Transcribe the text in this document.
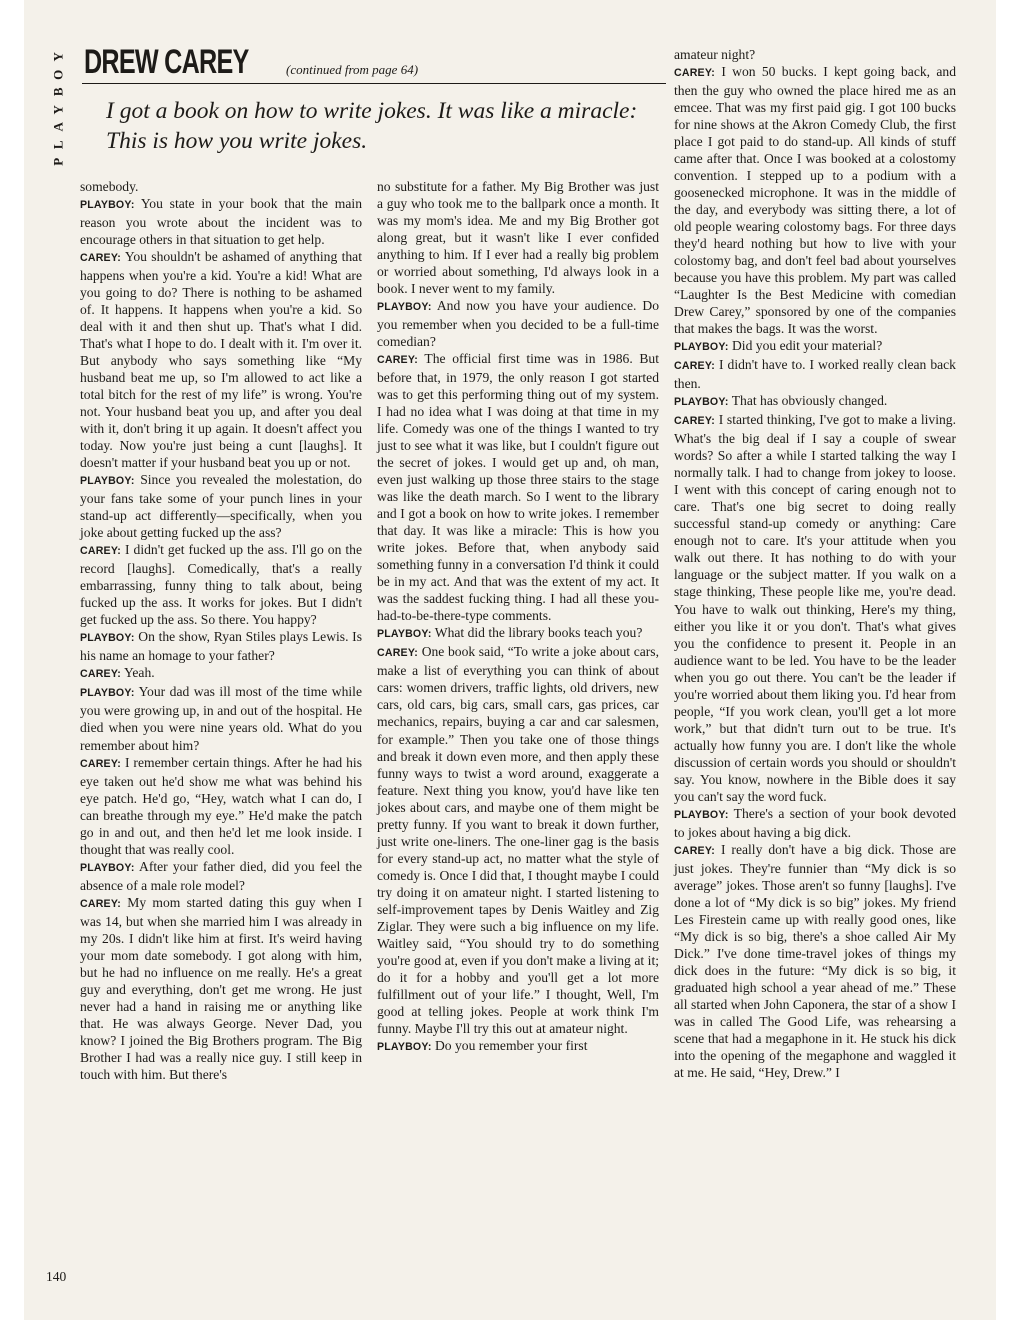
Y
O
B
Y
A
L
P
DREW CAREY	(continued from page 64)
I got a book on how to write jokes. It was like a miracle: This is how you write jokes.

somebody.

PLAYBOY: You state in your book that the main reason you wrote about the incident was to encourage others in that situation to get help.

CAREY: You shouldn't be ashamed of anything that happens when you're a kid. You're a kid! What are you going to do? There is nothing to be ashamed of. It happens. It happens when you're a kid. So deal with it and then shut up. That's what I did. That's what I hope to do. I dealt with it. I'm over it. But anybody who says something like “My husband beat me up, so I'm allowed to act like a total bitch for the rest of my life” is wrong. You're not. Your husband beat you up, and after you deal with it, don't bring it up again. It doesn't affect you today. Now you're just being a cunt [laughs]. It doesn't matter if your husband beat you up or not.

PLAYBOY: Since you revealed the molestation, do your fans take some of your punch lines in your stand-up act differently—specifically, when you joke about getting fucked up the ass?

CAREY: I didn't get fucked up the ass. I'll go on the record [laughs]. Comedically, that's a really embarrassing, funny thing to talk about, being fucked up the ass. It works for jokes. But I didn't get fucked up the ass. So there. You happy?

PLAYBOY: On the show, Ryan Stiles plays Lewis. Is his name an homage to your father?

CAREY: Yeah.

PLAYBOY: Your dad was ill most of the time while you were growing up, in and out of the hospital. He died when you were nine years old. What do you remember about him?

CAREY: I remember certain things. After he had his eye taken out he'd show me what was behind his eye patch. He'd go, “Hey, watch what I can do, I can breathe through my eye.” He'd make the patch go in and out, and then he'd let me look inside. I thought that was really cool.

PLAYBOY: After your father died, did you feel the absence of a male role model?

CAREY: My mom started dating this guy when I was 14, but when she married him I was already in my 20s. I didn't like him at first. It's weird having your mom date somebody. I got along with him, but he had no influence on me really. He's a great guy and everything, don't get me wrong. He just never had a hand in raising me or anything like that. He was always George. Never Dad, you know? I joined the Big Brothers program. The Big Brother I had was a really nice guy. I still keep in touch with him. But there's

no substitute for a father. My Big Brother was just a guy who took me to the ballpark once a month. It was my mom's idea. Me and my Big Brother got along great, but it wasn't like I ever confided anything to him. If I ever had a really big problem or worried about something, I'd always look in a book. I never went to my family.

PLAYBOY: And now you have your audience. Do you remember when you decided to be a full-time comedian?

CAREY: The official first time was in 1986. But before that, in 1979, the only reason I got started was to get this performing thing out of my system. I had no idea what I was doing at that time in my life. Comedy was one of the things I wanted to try just to see what it was like, but I couldn't figure out the secret of jokes. I would get up and, oh man, even just walking up those three stairs to the stage was like the death march. So I went to the library and I got a book on how to write jokes. I remember that day. It was like a miracle: This is how you write jokes. Before that, when anybody said something funny in a conversation I'd think it could be in my act. And that was the extent of my act. It was the saddest fucking thing. I had all these you-had-to-be-there-type comments.

PLAYBOY: What did the library books teach you?

CAREY: One book said, “To write a joke about cars, make a list of everything you can think of about cars: women drivers, traffic lights, old drivers, new cars, old cars, big cars, small cars, gas prices, car mechanics, repairs, buying a car and car salesmen, for example.” Then you take one of those things and break it down even more, and then apply these funny ways to twist a word around, exaggerate a feature. Next thing you know, you'd have like ten jokes about cars, and maybe one of them might be pretty funny. If you want to break it down further, just write one-liners. The one-liner gag is the basis for every stand-up act, no matter what the style of comedy is. Once I did that, I thought maybe I could try doing it on amateur night. I started listening to self-improvement tapes by Denis Waitley and Zig Ziglar. They were such a big influence on my life. Waitley said, “You should try to do something you're good at, even if you don't make a living at it; do it for a hobby and you'll get a lot more fulfillment out of your life.” I thought, Well, I'm good at telling jokes. People at work think I'm funny. Maybe I'll try this out at amateur night.

PLAYBOY: Do you remember your first

amateur night?

CAREY: I won 50 bucks. I kept going back, and then the guy who owned the place hired me as an emcee. That was my first paid gig. I got 100 bucks for nine shows at the Akron Comedy Club, the first place I got paid to do stand-up. All kinds of stuff came after that. Once I was booked at a colostomy convention. I stepped up to a podium with a goosenecked microphone. It was in the middle of the day, and everybody was sitting there, a lot of old people wearing colostomy bags. For three days they'd heard nothing but how to live with your colostomy bag, and don't feel bad about yourselves because you have this problem. My part was called “Laughter Is the Best Medicine with comedian Drew Carey,” sponsored by one of the companies that makes the bags. It was the worst.

PLAYBOY: Did you edit your material?

CAREY: I didn't have to. I worked really clean back then.

PLAYBOY: That has obviously changed.

CAREY: I started thinking, I've got to make a living. What's the big deal if I say a couple of swear words? So after a while I started talking the way I normally talk. I had to change from jokey to loose. I went with this concept of caring enough not to care. That's one big secret to doing really successful stand-up comedy or anything: Care enough not to care. It's your attitude when you walk out there. It has nothing to do with your language or the subject matter. If you walk on a stage thinking, These people like me, you're dead. You have to walk out thinking, Here's my thing, either you like it or you don't. That's what gives you the confidence to present it. People in an audience want to be led. You have to be the leader when you go out there. You can't be the leader if you're worried about them liking you. I'd hear from people, “If you work clean, you'll get a lot more work,” but that didn't turn out to be true. It's actually how funny you are. I don't like the whole discussion of certain words you should or shouldn't say. You know, nowhere in the Bible does it say you can't say the word fuck.

PLAYBOY: There's a section of your book devoted to jokes about having a big dick.

CAREY: I really don't have a big dick. Those are just jokes. They're funnier than “My dick is so average” jokes. Those aren't so funny [laughs]. I've done a lot of “My dick is so big” jokes. My friend Les Firestein came up with really good ones, like “My dick is so big, there's a shoe called Air My Dick.” I've done time-travel jokes of things my dick does in the future: “My dick is so big, it graduated high school a year ahead of me.” These all started when John Caponera, the star of a show I was in called The Good Life, was rehearsing a scene that had a megaphone in it. He stuck his dick into the opening of the megaphone and waggled it at me. He said, “Hey, Drew.” I

140
